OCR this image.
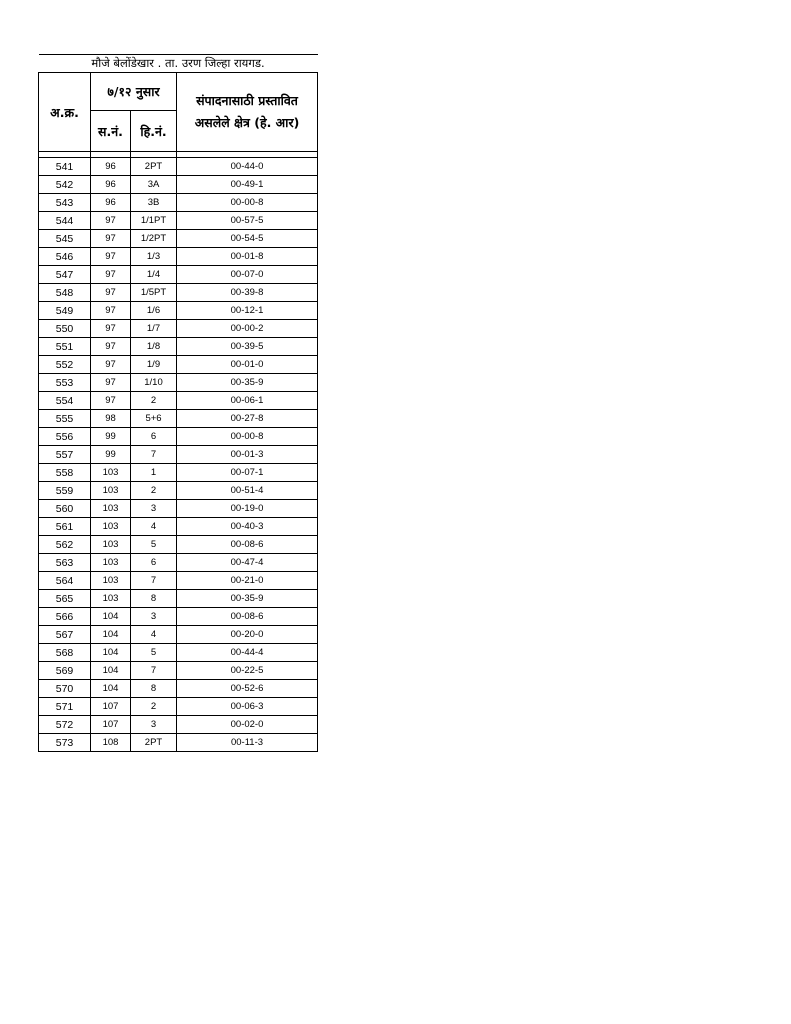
मौजे बेलोंडेखार . ता. उरण जिल्हा रायगड.			
अ.क्र.	७/१२ नुसार		संपादनासाठी प्रस्तावित असलेले क्षेत्र (हे. आर)
	स.नं.	हि.नं.	

541	96	2PT	00-44-0
542	96	3A	00-49-1
543	96	3B	00-00-8
544	97	1/1PT	00-57-5
545	97	1/2PT	00-54-5
546	97	1/3	00-01-8
547	97	1/4	00-07-0
548	97	1/5PT	00-39-8
549	97	1/6	00-12-1
550	97	1/7	00-00-2
551	97	1/8	00-39-5
552	97	1/9	00-01-0
553	97	1/10	00-35-9
554	97	2	00-06-1
555	98	5+6	00-27-8
556	99	6	00-00-8
557	99	7	00-01-3
558	103	1	00-07-1
559	103	2	00-51-4
560	103	3	00-19-0
561	103	4	00-40-3
562	103	5	00-08-6
563	103	6	00-47-4
564	103	7	00-21-0
565	103	8	00-35-9
566	104	3	00-08-6
567	104	4	00-20-0
568	104	5	00-44-4
569	104	7	00-22-5
570	104	8	00-52-6
571	107	2	00-06-3
572	107	3	00-02-0
573	108	2PT	00-11-3
